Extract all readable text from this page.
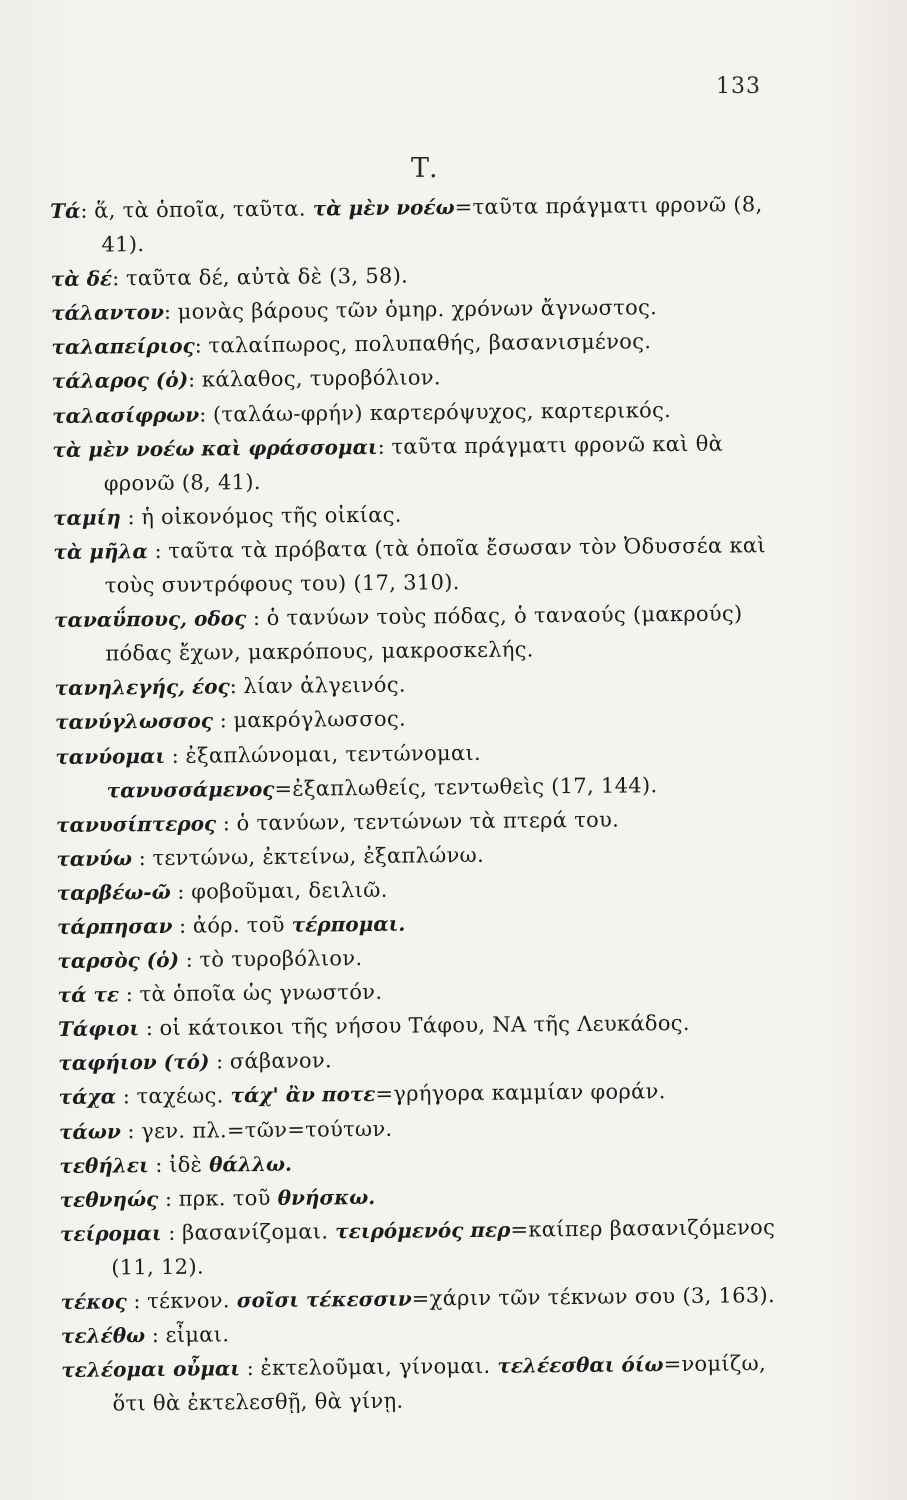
133
Τ.

Τά: ἅ, τὰ ὁποῖα, ταῦτα. τὰ μὲν νοέω=ταῦτα πράγματι φρονῶ (8, 41).

τὰ δέ: ταῦτα δέ, αὐτὰ δὲ (3, 58).

τάλαντον: μονὰς βάρους τῶν ὁμηρ. χρόνων ἄγνωστος.

ταλαπείριος: ταλαίπωρος, πολυπαθής, βασανισμένος.

τάλαρος (ὁ): κάλαθος, τυροβόλιον.

ταλασίφρων: (ταλάω-φρήν) καρτερόψυχος, καρτερικός.

τὰ μὲν νοέω καὶ φράσσομαι: ταῦτα πράγματι φρονῶ καὶ θὰ φρονῶ (8, 41).

ταμίη : ἡ οἰκονόμος τῆς οἰκίας.

τὰ μῆλα : ταῦτα τὰ πρόβατα (τὰ ὁποῖα ἔσωσαν τὸν Ὀδυσσέα καὶ τοὺς συντρόφους του) (17, 310).

ταναΰπους, οδος : ὁ τανύων τοὺς πόδας, ὁ ταναούς (μακρούς) πόδας ἔχων, μακρόπους, μακροσκελής.

τανηλεγής, έος: λίαν ἀλγεινός.

τανύγλωσσος : μακρόγλωσσος.

τανύομαι : ἐξαπλώνομαι, τεντώνομαι. τανυσσάμενος=ἐξαπλωθείς, τεντωθεὶς (17, 144).

τανυσίπτερος : ὁ τανύων, τεντώνων τὰ πτερά του.

τανύω : τεντώνω, ἐκτείνω, ἐξαπλώνω.

ταρβέω-ῶ : φοβοῦμαι, δειλιῶ.

τάρπησαν : ἀόρ. τοῦ τέρπομαι.

ταρσὸς (ὁ) : τὸ τυροβόλιον.

τά τε : τὰ ὁποῖα ὡς γνωστόν.

Τάφιοι : οἱ κάτοικοι τῆς νήσου Τάφου, ΝΑ τῆς Λευκάδος.

ταφήιον (τό) : σάβανον.

τάχα : ταχέως. τάχ' ἂν ποτε=γρήγορα καμμίαν φοράν.

τάων : γεν. πλ.=τῶν=τούτων.

τεθήλει : ἰδὲ θάλλω.

τεθνηώς : πρκ. τοῦ θνήσκω.

τείρομαι : βασανίζομαι. τειρόμενός περ=καίπερ βασανιζόμενος (11, 12).

τέκος : τέκνον. σοῖσι τέκεσσιν=χάριν τῶν τέκνων σου (3, 163).

τελέθω : εἶμαι.

τελέομαι οὖμαι : ἐκτελοῦμαι, γίνομαι. τελέεσθαι όίω=νομίζω, ὅτι θὰ ἐκτελεσθῇ, θὰ γίνῃ.
